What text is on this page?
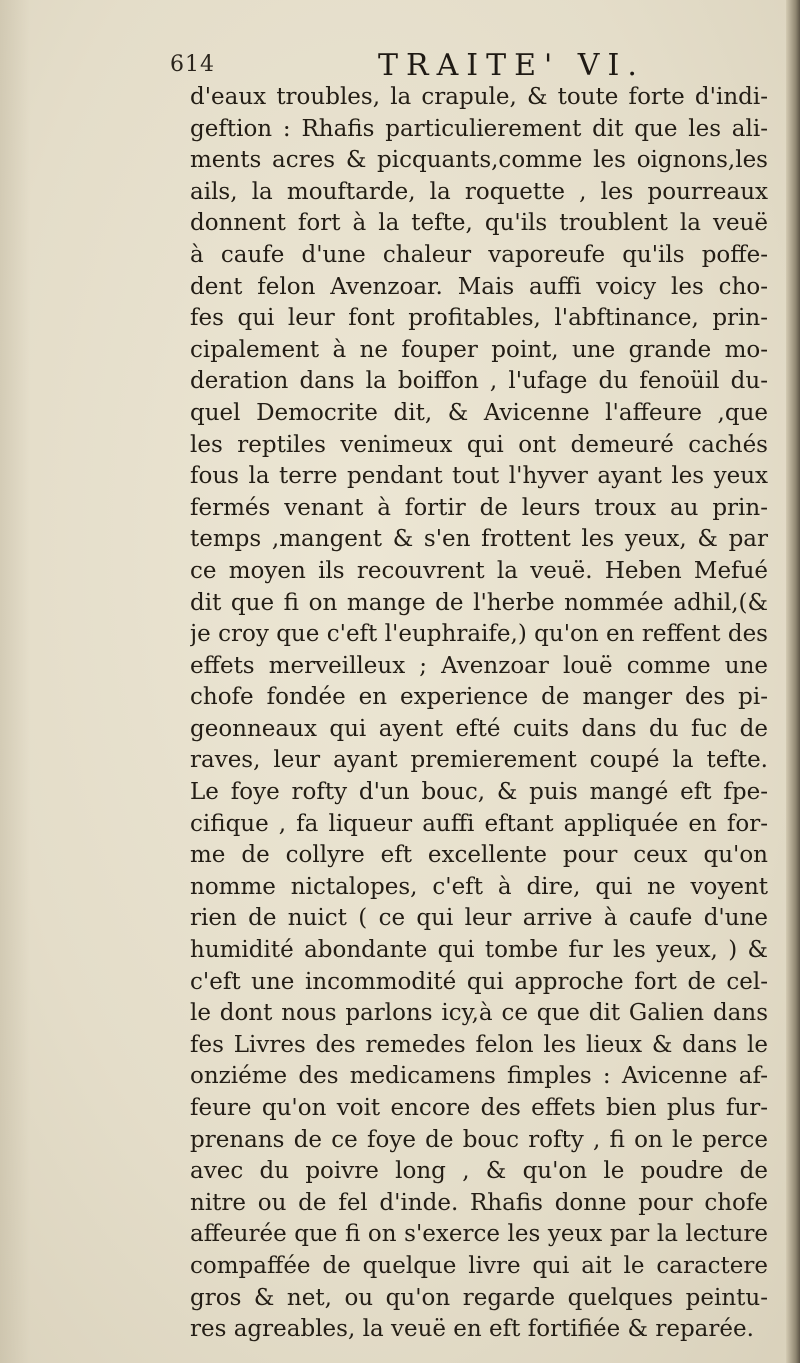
614	TRAITE' VI.
d'eaux troubles, la crapule, & toute forte d'indi-
geftion : Rhafis particulierement dit que les ali-
ments acres & picquants,comme les oignons,les
ails, la mouftarde, la roquette , les pourreaux
donnent fort à la tefte, qu'ils troublent la veuë
à caufe d'une chaleur vaporeufe qu'ils poffe-
dent felon Avenzoar. Mais auffi voicy les cho-
fes qui leur font profitables, l'abftinance, prin-
cipalement à ne fouper point, une grande mo-
deration dans la boiffon , l'ufage du fenoüil du-
quel Democrite dit, & Avicenne l'affeure ,que
les reptiles venimeux qui ont demeuré cachés
fous la terre pendant tout l'hyver ayant les yeux
fermés venant à fortir de leurs troux au prin-
temps ,mangent & s'en frottent les yeux, & par
ce moyen ils recouvrent la veuë. Heben Mefué
dit que fi on mange de l'herbe nommée adhil,(&
je croy que c'eft l'euphraife,) qu'on en reffent des
effets merveilleux ; Avenzoar louë comme une
chofe fondée en experience de manger des pi-
geonneaux qui ayent efté cuits dans du fuc de
raves, leur ayant premierement coupé la tefte.
Le foye rofty d'un bouc, & puis mangé eft fpe-
cifique , fa liqueur auffi eftant appliquée en for-
me de collyre eft excellente pour ceux qu'on
nomme nictalopes, c'eft à dire, qui ne voyent
rien de nuict ( ce qui leur arrive à caufe d'une
humidité abondante qui tombe fur les yeux, ) &
c'eft une incommodité qui approche fort de cel-
le dont nous parlons icy,à ce que dit Galien dans
fes Livres des remedes felon les lieux & dans le
onziéme des medicamens fimples : Avicenne af-
feure qu'on voit encore des effets bien plus fur-
prenans de ce foye de bouc rofty , fi on le perce
avec du poivre long , & qu'on le poudre de
nitre ou de fel d'inde. Rhafis donne pour chofe
affeurée que fi on s'exerce les yeux par la lecture
compaffée de quelque livre qui ait le caractere
gros & net, ou qu'on regarde quelques peintu-
res agreables, la veuë en eft fortifiée & reparée.
